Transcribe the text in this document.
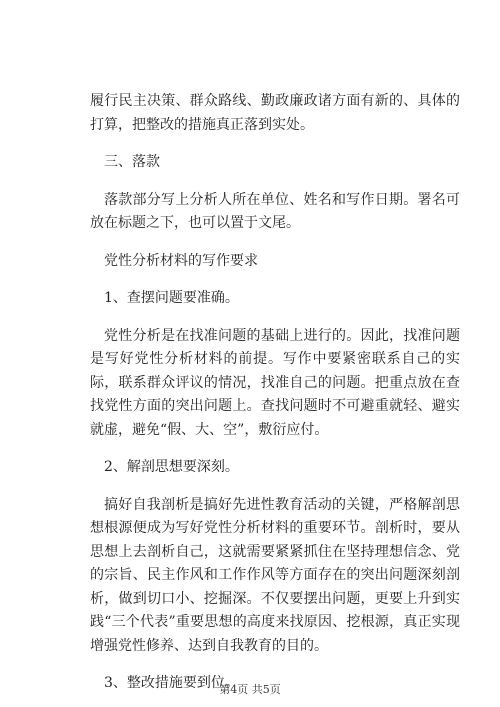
履行民主决策、群众路线、勤政廉政诸方面有新的、具体的打算，把整改的措施真正落到实处。

三、落款

落款部分写上分析人所在单位、姓名和写作日期。署名可放在标题之下，也可以置于文尾。

党性分析材料的写作要求

1、查摆问题要准确。

党性分析是在找准问题的基础上进行的。因此，找准问题是写好党性分析材料的前提。写作中要紧密联系自己的实际，联系群众评议的情况，找准自己的问题。把重点放在查找党性方面的突出问题上。查找问题时不可避重就轻、避实就虚，避免“假、大、空”，敷衍应付。

2、解剖思想要深刻。

搞好自我剖析是搞好先进性教育活动的关键，严格解剖思想根源便成为写好党性分析材料的重要环节。剖析时，要从思想上去剖析自己，这就需要紧紧抓住在坚持理想信念、党的宗旨、民主作风和工作作风等方面存在的突出问题深刻剖析，做到切口小、挖掘深。不仅要摆出问题，更要上升到实践“三个代表”重要思想的高度来找原因、挖根源，真正实现增强党性修养、达到自我教育的目的。

3、整改措施要到位。

第4页 共5页
